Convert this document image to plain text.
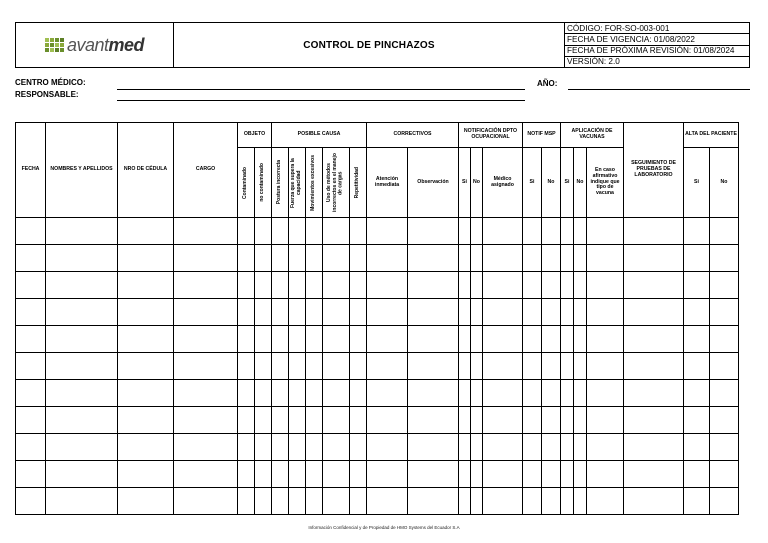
avantmed	CONTROL DE PINCHAZOS
CÓDIGO: FOR-SO-003-001
FECHA DE VIGENCIA: 01/08/2022
FECHA DE PRÓXIMA REVISIÓN: 01/08/2024
VERSIÓN: 2.0
CENTRO MÉDICO:
RESPONSABLE:
AÑO:
FECHA	NOMBRES Y APELLIDOS	NRO DE CÉDULA	CARGO	OBJETO		POSIBLE CAUSA					CORRECTIVOS		NOTIFICACIÓN DPTO OCUPACIONAL			NOTIF MSP		APLICACIÓN DE VACUNAS			SEGUIMIENTO DE PRUEBAS DE LABORATORIO	ALTA DEL PACIENTE	

				Contaminado	no contaminado	Postura incorrecta	Fuerza que supera la capacidad	Movimientos excesivos	Uso de métodos incorrectos en el manejo de cargas	Repetitividad	Atención inmediata	Observación	Si	No	Médico asignado	Si	No	Si	No	En caso afirmativo indique que tipo de vacuna		Si	No

Información Confidencial y de Propiedad de HMO Systems del Ecuador S.A
